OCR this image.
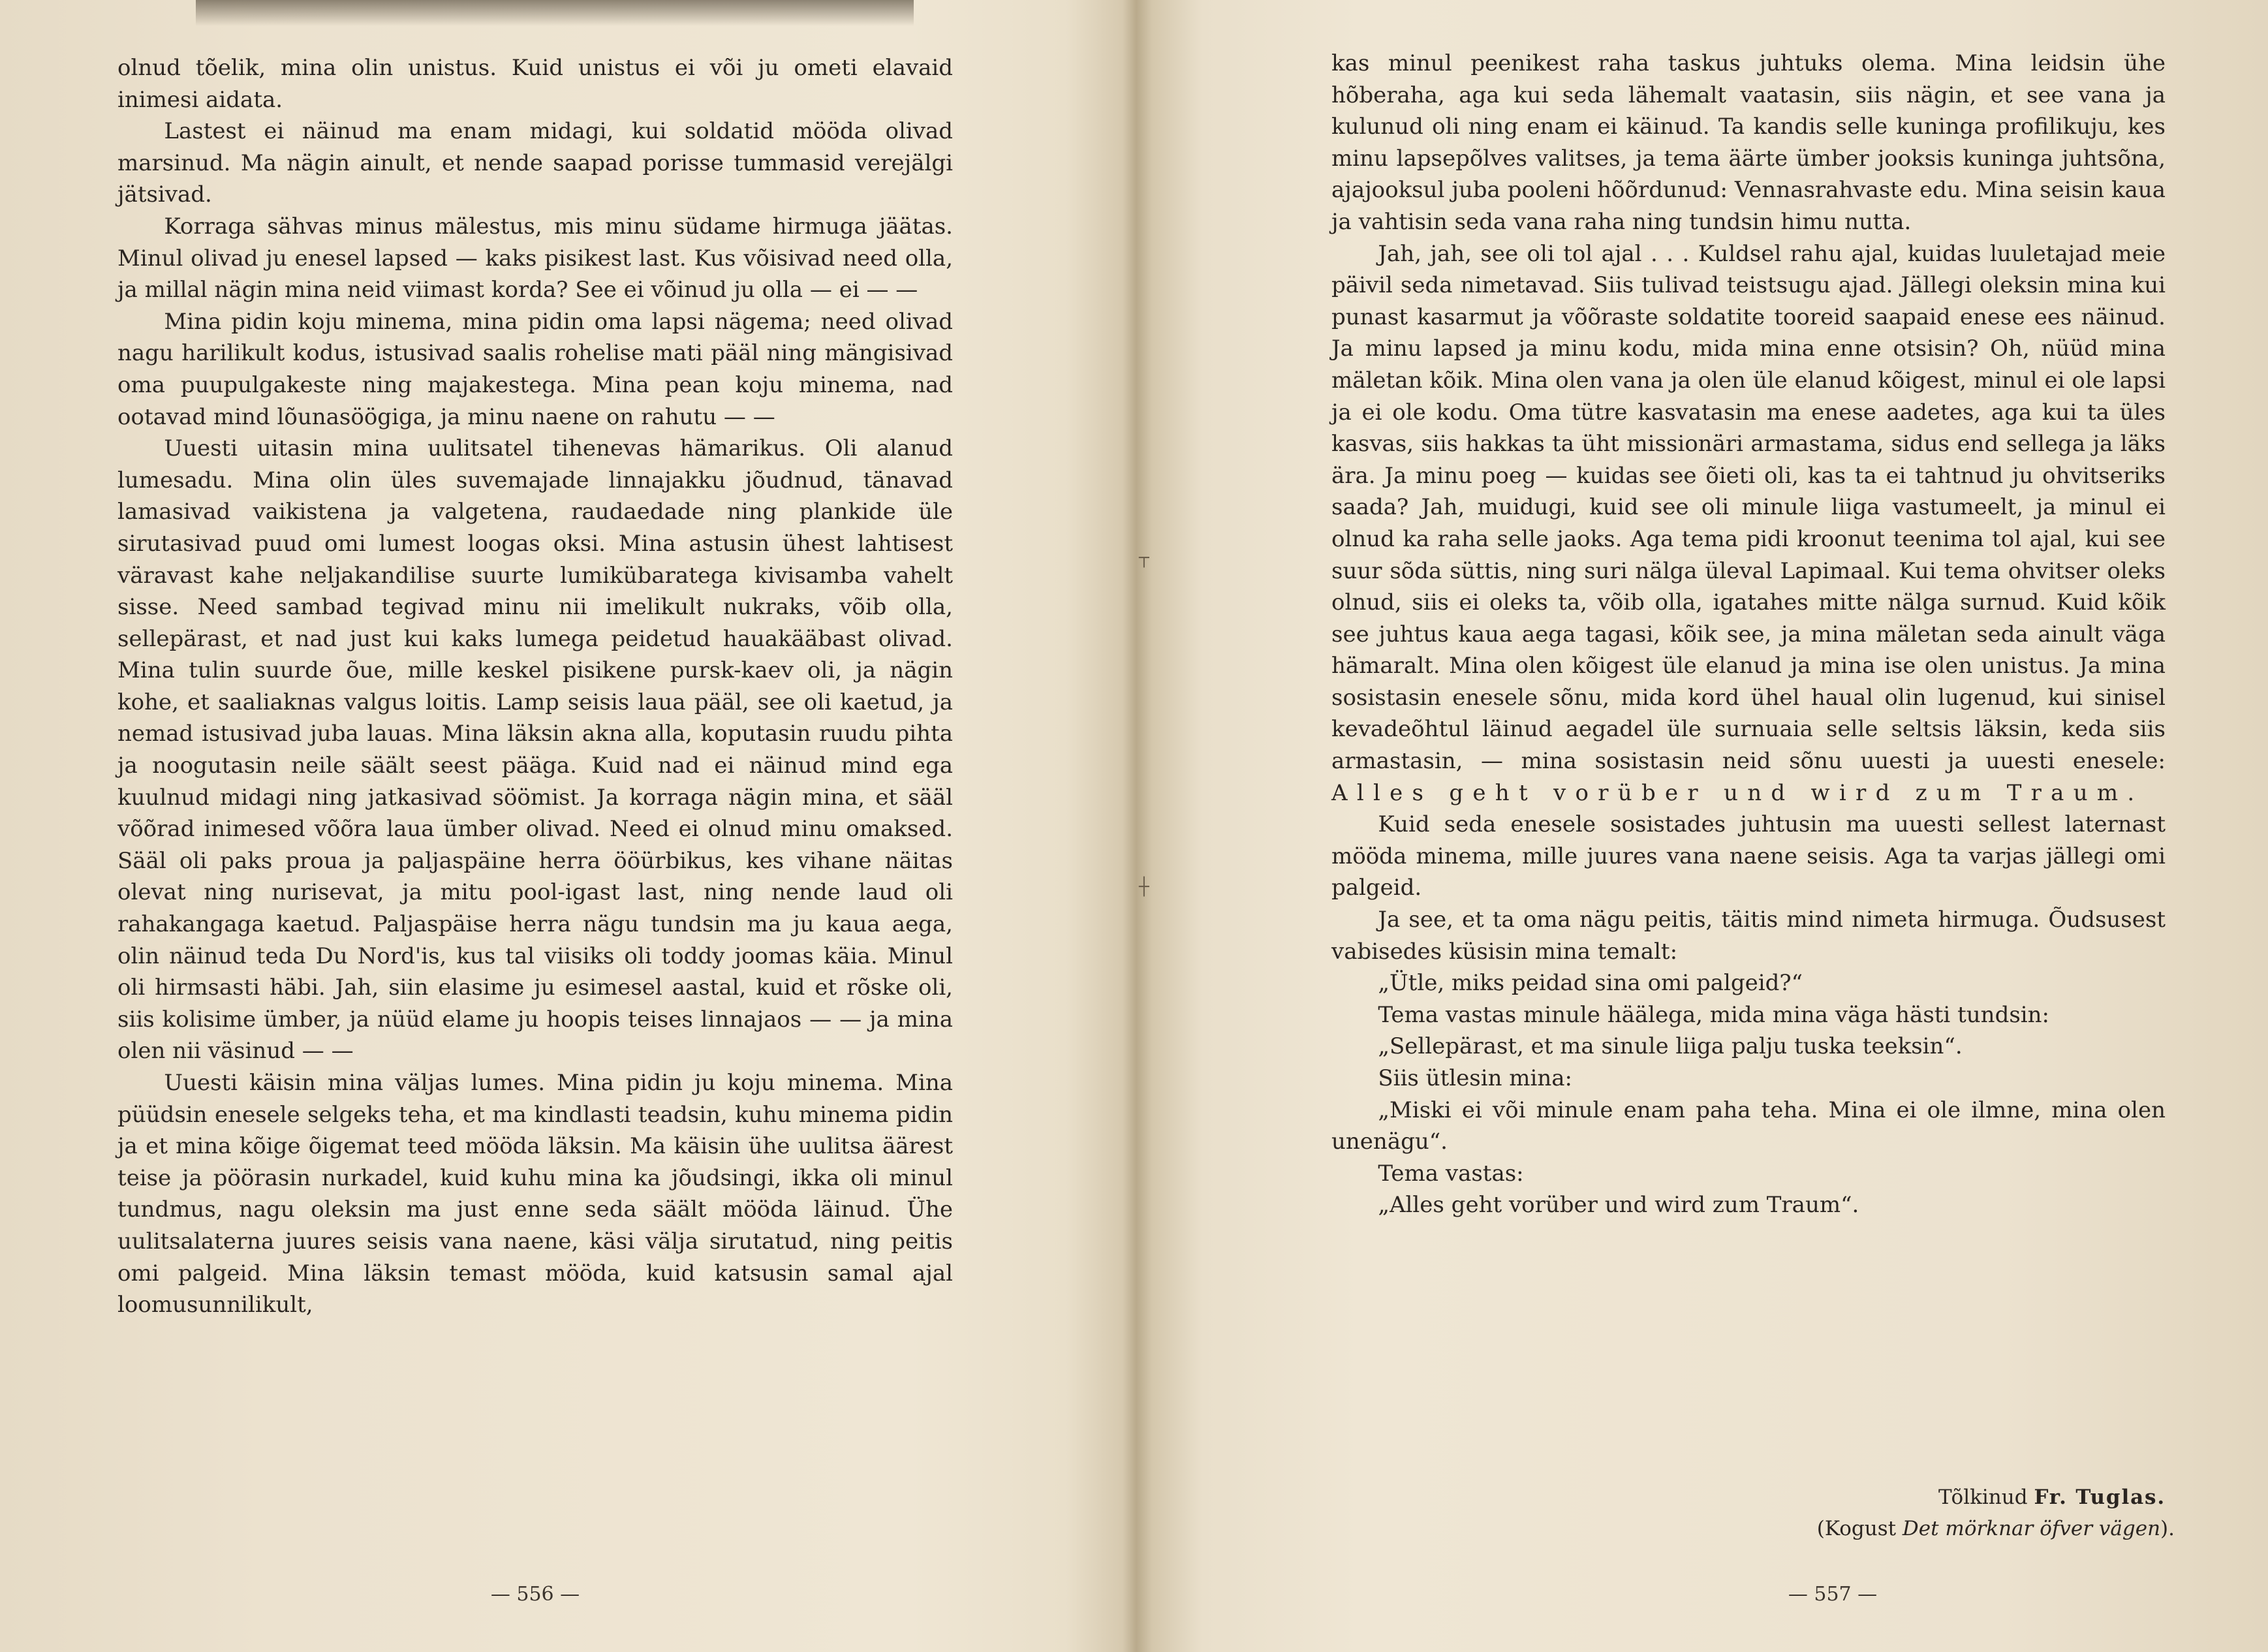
olnud tõelik, mina olin unistus. Kuid unistus ei või ju ometi elavaid inimesi aidata.

Lastest ei näinud ma enam midagi, kui soldatid mööda olivad marsinud. Ma nägin ainult, et nende saapad porisse tummasid verejälgi jätsivad.

Korraga sähvas minus mälestus, mis minu südame hirmuga jäätas. Minul olivad ju enesel lapsed — kaks pisikest last. Kus võisivad need olla, ja millal nägin mina neid viimast korda? See ei võinud ju olla — ei — —

Mina pidin koju minema, mina pidin oma lapsi nägema; need olivad nagu harilikult kodus, istusivad saalis rohelise mati pääl ning mängisivad oma puupulgakeste ning majakestega. Mina pean koju minema, nad ootavad mind lõunasöögiga, ja minu naene on rahutu — —

Uuesti uitasin mina uulitsatel tihenevas hämarikus. Oli alanud lumesadu. Mina olin üles suvemajade linnajakku jõudnud, tänavad lamasivad vaikistena ja valgetena, raudaedade ning plankide üle sirutasivad puud omi lumest loogas oksi. Mina astusin ühest lahtisest väravast kahe neljakandilise suurte lumikübaratega kivisamba vahelt sisse. Need sambad tegivad minu nii imelikult nukraks, võib olla, sellepärast, et nad just kui kaks lumega peidetud hauakääbast olivad. Mina tulin suurde õue, mille keskel pisikene pursk-kaev oli, ja nägin kohe, et saaliaknas valgus loitis. Lamp seisis laua pääl, see oli kaetud, ja nemad istusivad juba lauas. Mina läksin akna alla, koputasin ruudu pihta ja noogutasin neile säält seest pääga. Kuid nad ei näinud mind ega kuulnud midagi ning jatkasivad söömist. Ja korraga nägin mina, et sääl võõrad inimesed võõra laua ümber olivad. Need ei olnud minu omaksed. Sääl oli paks proua ja paljaspäine herra ööürbikus, kes vihane näitas olevat ning nurisevat, ja mitu pool-igast last, ning nende laud oli rahakangaga kaetud. Paljaspäise herra nägu tundsin ma ju kaua aega, olin näinud teda Du Nord'is, kus tal viisiks oli toddy joomas käia. Minul oli hirmsasti häbi. Jah, siin elasime ju esimesel aastal, kuid et rõske oli, siis kolisime ümber, ja nüüd elame ju hoopis teises linnajaos — — ja mina olen nii väsinud — —

Uuesti käisin mina väljas lumes. Mina pidin ju koju minema. Mina püüdsin enesele selgeks teha, et ma kindlasti teadsin, kuhu minema pidin ja et mina kõige õigemat teed mööda läksin. Ma käisin ühe uulitsa äärest teise ja pöörasin nurkadel, kuid kuhu mina ka jõudsingi, ikka oli minul tundmus, nagu oleksin ma just enne seda säält mööda läinud. Ühe uulitsalaterna juures seisis vana naene, käsi välja sirutatud, ning peitis omi palgeid. Mina läksin temast mööda, kuid katsusin samal ajal loomusunnilikult,

— 556 —

kas minul peenikest raha taskus juhtuks olema. Mina leidsin ühe hõberaha, aga kui seda lähemalt vaatasin, siis nägin, et see vana ja kulunud oli ning enam ei käinud. Ta kandis selle kuninga profilikuju, kes minu lapsepõlves valitses, ja tema äärte ümber jooksis kuninga juhtsõna, ajajooksul juba pooleni hõõrdunud: Vennasrahvaste edu. Mina seisin kaua ja vahtisin seda vana raha ning tundsin himu nutta.

Jah, jah, see oli tol ajal . . . Kuldsel rahu ajal, kuidas luuletajad meie päivil seda nimetavad. Siis tulivad teistsugu ajad. Jällegi oleksin mina kui punast kasarmut ja võõraste soldatite tooreid saapaid enese ees näinud. Ja minu lapsed ja minu kodu, mida mina enne otsisin? Oh, nüüd mina mäletan kõik. Mina olen vana ja olen üle elanud kõigest, minul ei ole lapsi ja ei ole kodu. Oma tütre kasvatasin ma enese aadetes, aga kui ta üles kasvas, siis hakkas ta üht missionäri armastama, sidus end sellega ja läks ära. Ja minu poeg — kuidas see õieti oli, kas ta ei tahtnud ju ohvitseriks saada? Jah, muidugi, kuid see oli minule liiga vastumeelt, ja minul ei olnud ka raha selle jaoks. Aga tema pidi kroonut teenima tol ajal, kui see suur sõda süttis, ning suri nälga üleval Lapimaal. Kui tema ohvitser oleks olnud, siis ei oleks ta, võib olla, igatahes mitte nälga surnud. Kuid kõik see juhtus kaua aega tagasi, kõik see, ja mina mäletan seda ainult väga hämaralt. Mina olen kõigest üle elanud ja mina ise olen unistus. Ja mina sosistasin enesele sõnu, mida kord ühel haual olin lugenud, kui sinisel kevadeõhtul läinud aegadel üle surnuaia selle seltsis läksin, keda siis armastasin, — mina sosistasin neid sõnu uuesti ja uuesti enesele: Alles geht vorüber und wird zum Traum.

Kuid seda enesele sosistades juhtusin ma uuesti sellest laternast mööda minema, mille juures vana naene seisis. Aga ta varjas jällegi omi palgeid.

Ja see, et ta oma nägu peitis, täitis mind nimeta hirmuga. Õudsusest vabisedes küsisin mina temalt:

„Ütle, miks peidad sina omi palgeid?“

Tema vastas minule häälega, mida mina väga hästi tundsin:

„Sellepärast, et ma sinule liiga palju tuska teeksin“.

Siis ütlesin mina:

„Miski ei või minule enam paha teha. Mina ei ole ilmne, mina olen unenägu“.

Tema vastas:

„Alles geht vorüber und wird zum Traum“.

Tõlkinud Fr. Tuglas.
(Kogust Det mörknar öfver vägen).
— 557 —
┬
┼
